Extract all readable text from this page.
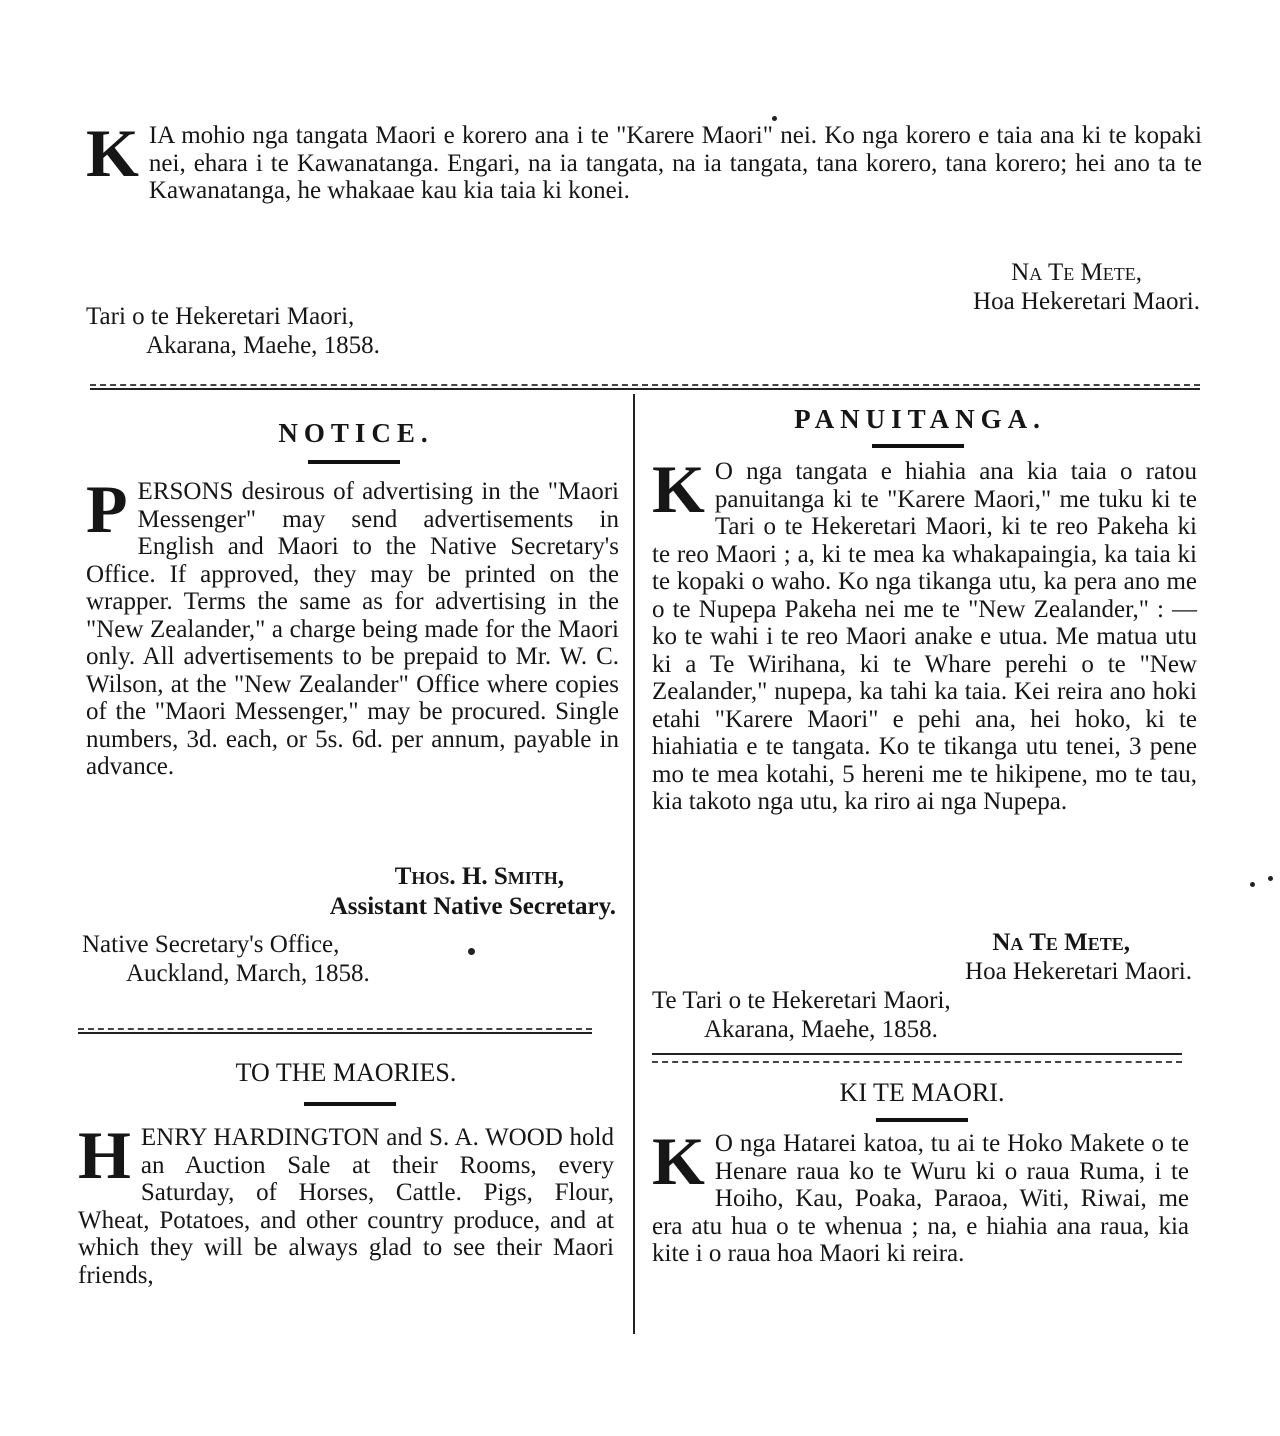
K IA mohio nga tangata Maori e korero ana i te "Karere Maori" nei. Ko nga korero e taia ana ki te kopaki nei, ehara i te Kawanatanga. Engari, na ia tangata, na ia tangata, tana korero, tana korero; hei ano ta te Kawanatanga, he whakaae kau kia taia ki konei.

Na Te Mete,
Hoa Hekeretari Maori.
Tari o te Hekeretari Maori,
Akarana, Maehe, 1858.
NOTICE.

P ERSONS desirous of advertising in the "Maori Messenger" may send advertisements in English and Maori to the Native Secretary's Office. If approved, they may be printed on the wrapper. Terms the same as for advertising in the "New Zealander," a charge being made for the Maori only. All advertisements to be prepaid to Mr. W. C. Wilson, at the "New Zealander" Office where copies of the "Maori Messenger," may be procured. Single numbers, 3d. each, or 5s. 6d. per annum, payable in advance.

Thos. H. Smith,
Assistant Native Secretary.
Native Secretary's Office,
Auckland, March, 1858.
TO THE MAORIES.

H ENRY HARDINGTON and S. A. WOOD hold an Auction Sale at their Rooms, every Saturday, of Horses, Cattle. Pigs, Flour, Wheat, Potatoes, and other country produce, and at which they will be always glad to see their Maori friends,

PANUITANGA.

K O nga tangata e hiahia ana kia taia o ratou panuitanga ki te "Karere Maori," me tuku ki te Tari o te Hekeretari Maori, ki te reo Pakeha ki te reo Maori ; a, ki te mea ka whakapaingia, ka taia ki te kopaki o waho. Ko nga tikanga utu, ka pera ano me o te Nupepa Pakeha nei me te "New Zealander," : —ko te wahi i te reo Maori anake e utua. Me matua utu ki a Te Wirihana, ki te Whare perehi o te "New Zealander," nupepa, ka tahi ka taia. Kei reira ano hoki etahi "Karere Maori" e pehi ana, hei hoko, ki te hiahiatia e te tangata. Ko te tikanga utu tenei, 3 pene mo te mea kotahi, 5 hereni me te hikipene, mo te tau, kia takoto nga utu, ka riro ai nga Nupepa.

Na Te Mete,
Hoa Hekeretari Maori.
Te Tari o te Hekeretari Maori,
Akarana, Maehe, 1858.
KI TE MAORI.

K O nga Hatarei katoa, tu ai te Hoko Makete o te Henare raua ko te Wuru ki o raua Ruma, i te Hoiho, Kau, Poaka, Paraoa, Witi, Riwai, me era atu hua o te whenua ; na, e hiahia ana raua, kia kite i o raua hoa Maori ki reira.
